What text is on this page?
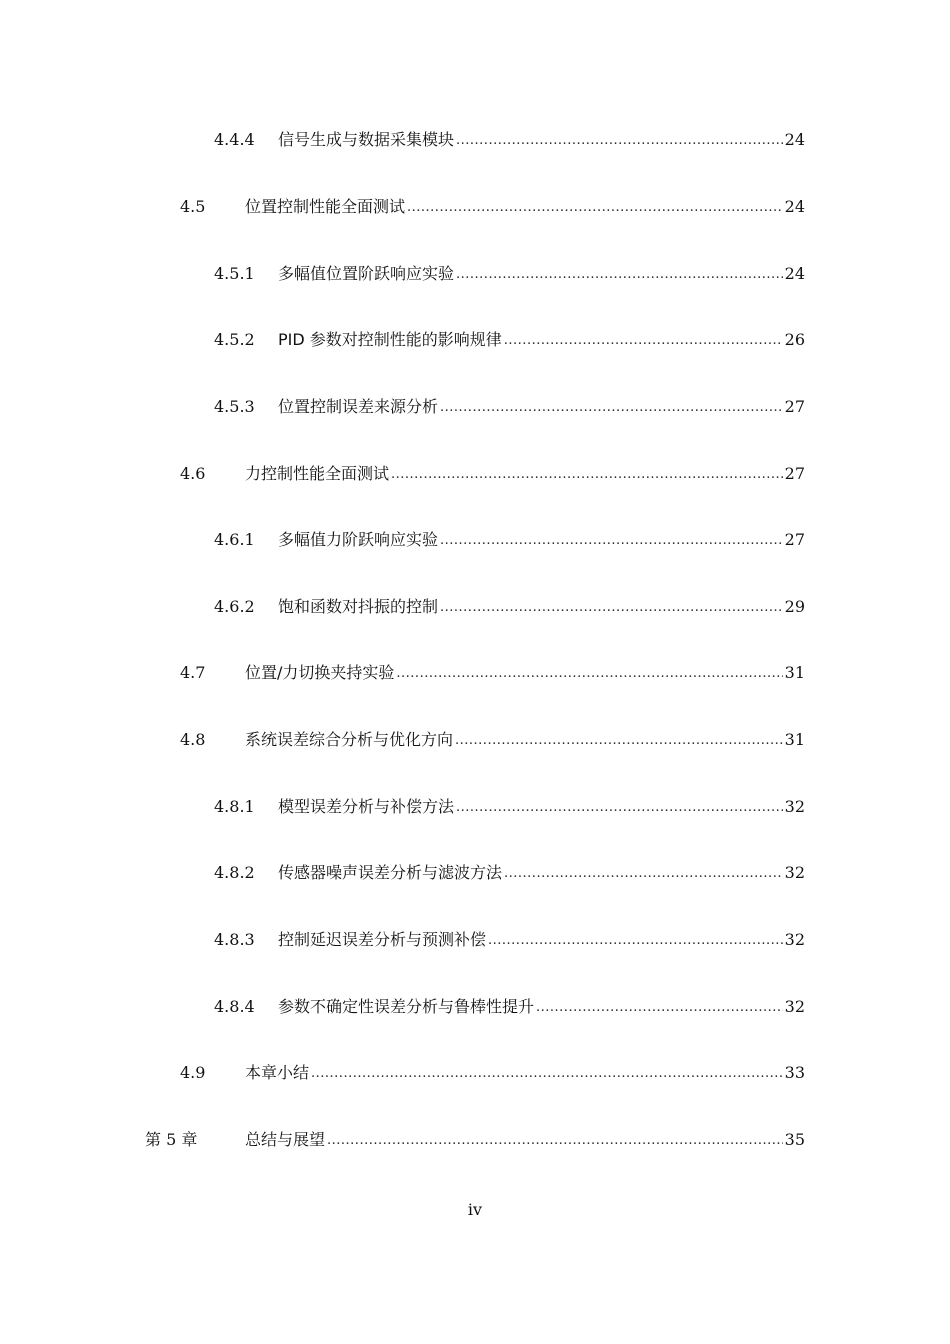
4.4.4	信号生成与数据采集模块 .....	24
4.5	位置控制性能全面测试 .....	24
4.5.1	多幅值位置阶跃响应实验 .....	24
4.5.2	PID 参数对控制性能的影响规律 .....	26
4.5.3	位置控制误差来源分析 .....	27
4.6	力控制性能全面测试 .....	27
4.6.1	多幅值力阶跃响应实验 .....	27
4.6.2	饱和函数对抖振的控制 .....	29
4.7	位置/力切换夹持实验 .....	31
4.8	系统误差综合分析与优化方向 .....	31
4.8.1	模型误差分析与补偿方法 .....	32
4.8.2	传感器噪声误差分析与滤波方法 .....	32
4.8.3	控制延迟误差分析与预测补偿 .....	32
4.8.4	参数不确定性误差分析与鲁棒性提升 .....	32
4.9	本章小结 .....	33
第 5 章	总结与展望 .....	35
iv
